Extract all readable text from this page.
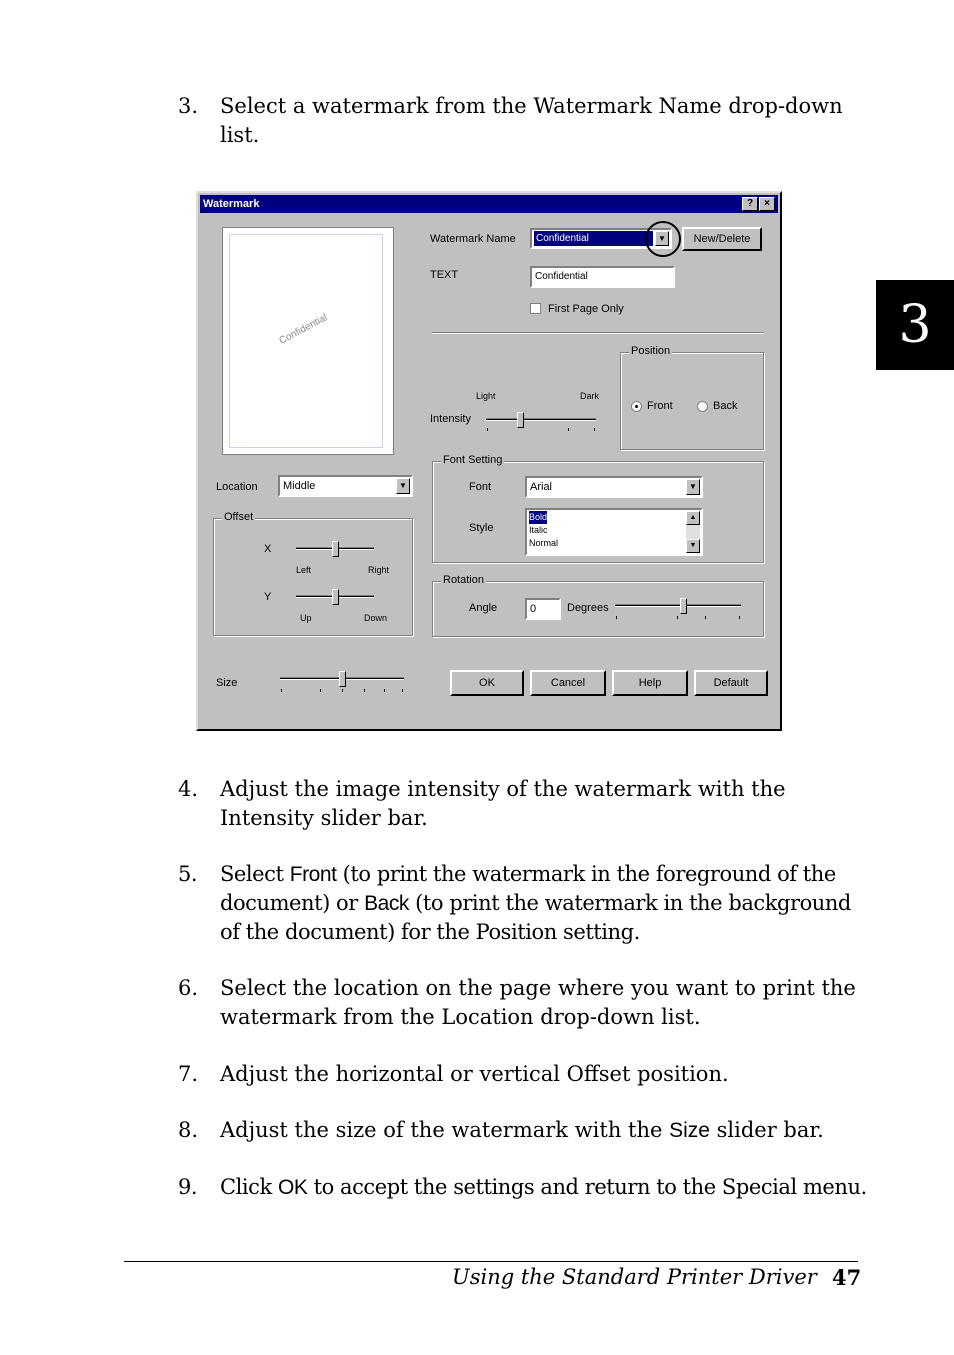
3. Select a watermark from the Watermark Name drop-down list.
Watermark	?	×
Confidential
Watermark Name Confidential	▼	New/Delete
TEXT	Confidential
First Page Only
Light	Dark
Intensity
Position
Front	Back
Location	Middle	▼
Offset
X
Left	Right
Y
Up	Down
Font Setting
Font	Arial	▼
Style
Bold
Italic
Normal
▲
▼
Rotation
Angle	0	Degrees
Size	OK	Cancel	Help	Default
4. Adjust the image intensity of the watermark with the Intensity slider bar.
5. Select Front (to print the watermark in the foreground of the document) or Back (to print the watermark in the background of the document) for the Position setting.
6. Select the location on the page where you want to print the watermark from the Location drop-down list.
7. Adjust the horizontal or vertical Offset position.
8. Adjust the size of the watermark with the Size slider bar.
9. Click OK to accept the settings and return to the Special menu.
3
Using the Standard Printer Driver 47
